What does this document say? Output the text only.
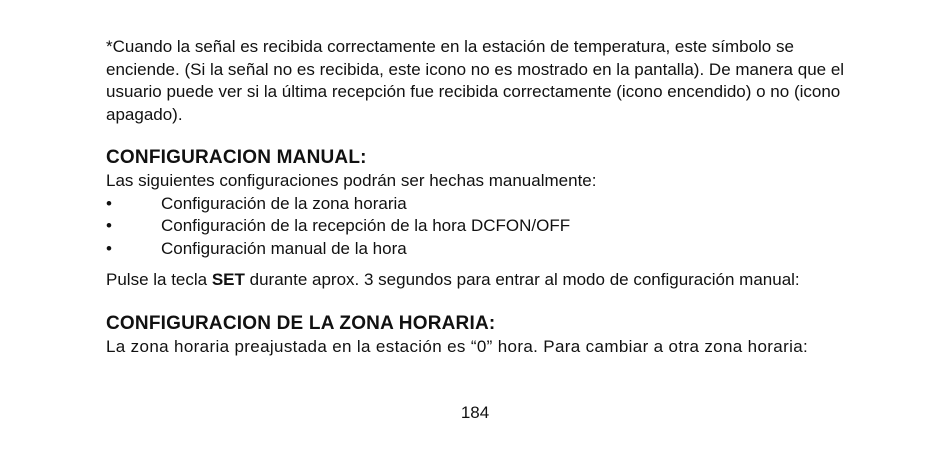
*Cuando la señal es recibida correctamente en la estación de temperatura, este símbolo se enciende. (Si la señal no es recibida, este icono no es mostrado en la pantalla). De manera que el usuario puede ver si la última recepción fue recibida correctamente (icono encendido) o no (icono apagado).

CONFIGURACION MANUAL:

Las siguientes configuraciones podrán ser hechas manualmente:

•	Configuración de la zona horaria
•	Configuración de la recepción de la hora DCFON/OFF
•	Configuración manual de la hora

Pulse la tecla SET durante aprox. 3 segundos para entrar al modo de configuración manual:

CONFIGURACION DE LA ZONA HORARIA:

La zona horaria preajustada en la estación es “0” hora. Para cambiar a otra zona horaria:

184
